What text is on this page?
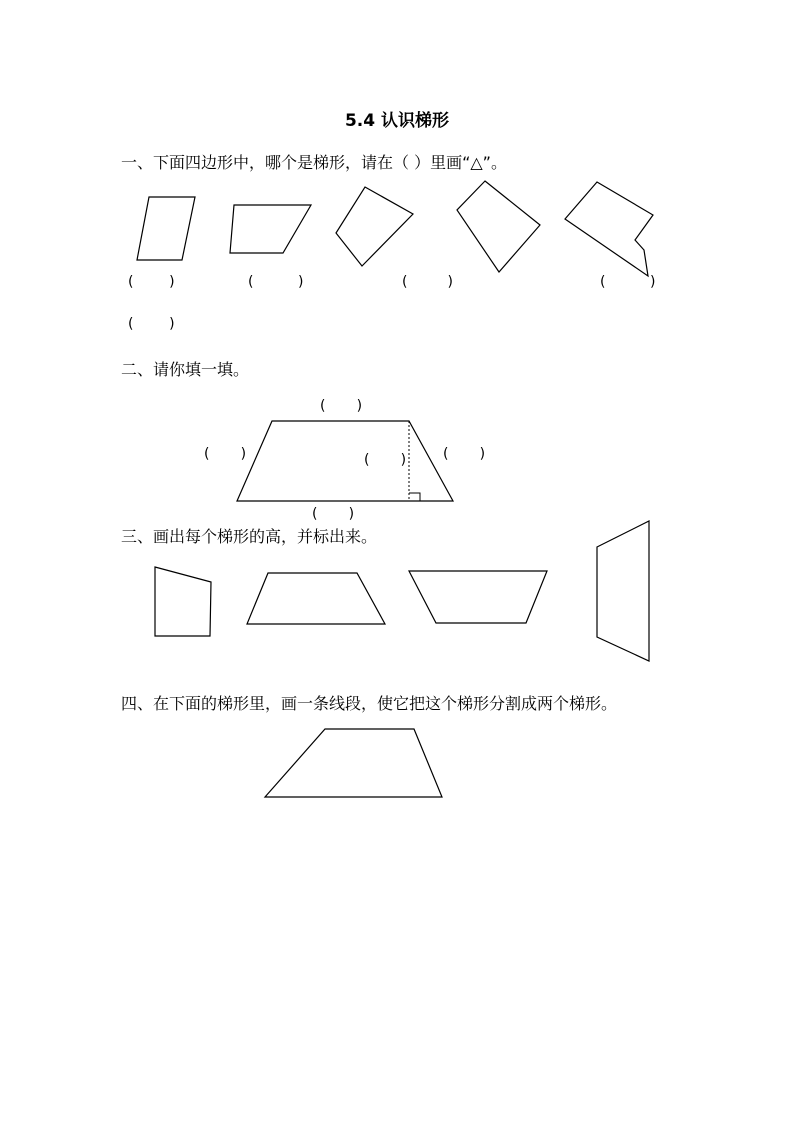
5.4 认识梯形
一、下面四边形中，哪个是梯形，请在（ ）里画“△”。
(        )	(          )	(         )	(          )
(        )
二、请你填一填。
(       )
(       )	(       )	(       )
(       )
三、画出每个梯形的高，并标出来。
四、在下面的梯形里，画一条线段，使它把这个梯形分割成两个梯形。
